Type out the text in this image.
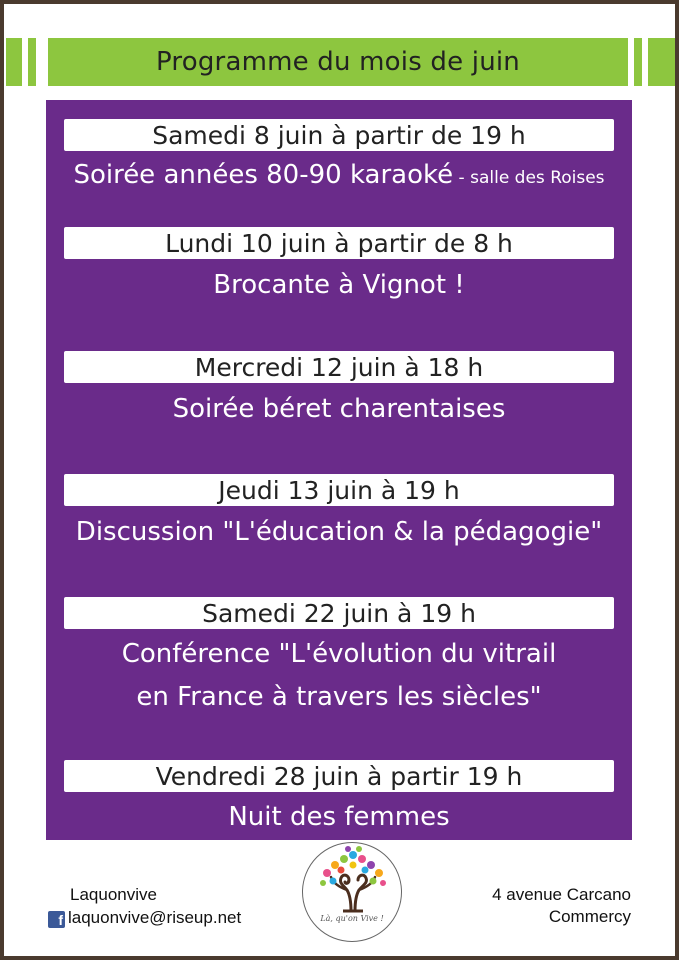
Programme du mois de juin
Samedi 8 juin à partir de 19 h
Soirée années 80-90 karaoké - salle des Roises
Lundi 10 juin à partir de 8 h
Brocante à Vignot !
Mercredi 12 juin à 18 h
Soirée béret charentaises
Jeudi 13 juin à 19 h
Discussion "L'éducation & la pédagogie"
Samedi 22 juin à 19 h
Conférence "L'évolution du vitrail
en France à travers les siècles"
Vendredi 28 juin à partir 19 h
Nuit des femmes
Laquonvive
f laquonvive@riseup.net	Là, qu'on Vive !
4 avenue Carcano
Commercy
